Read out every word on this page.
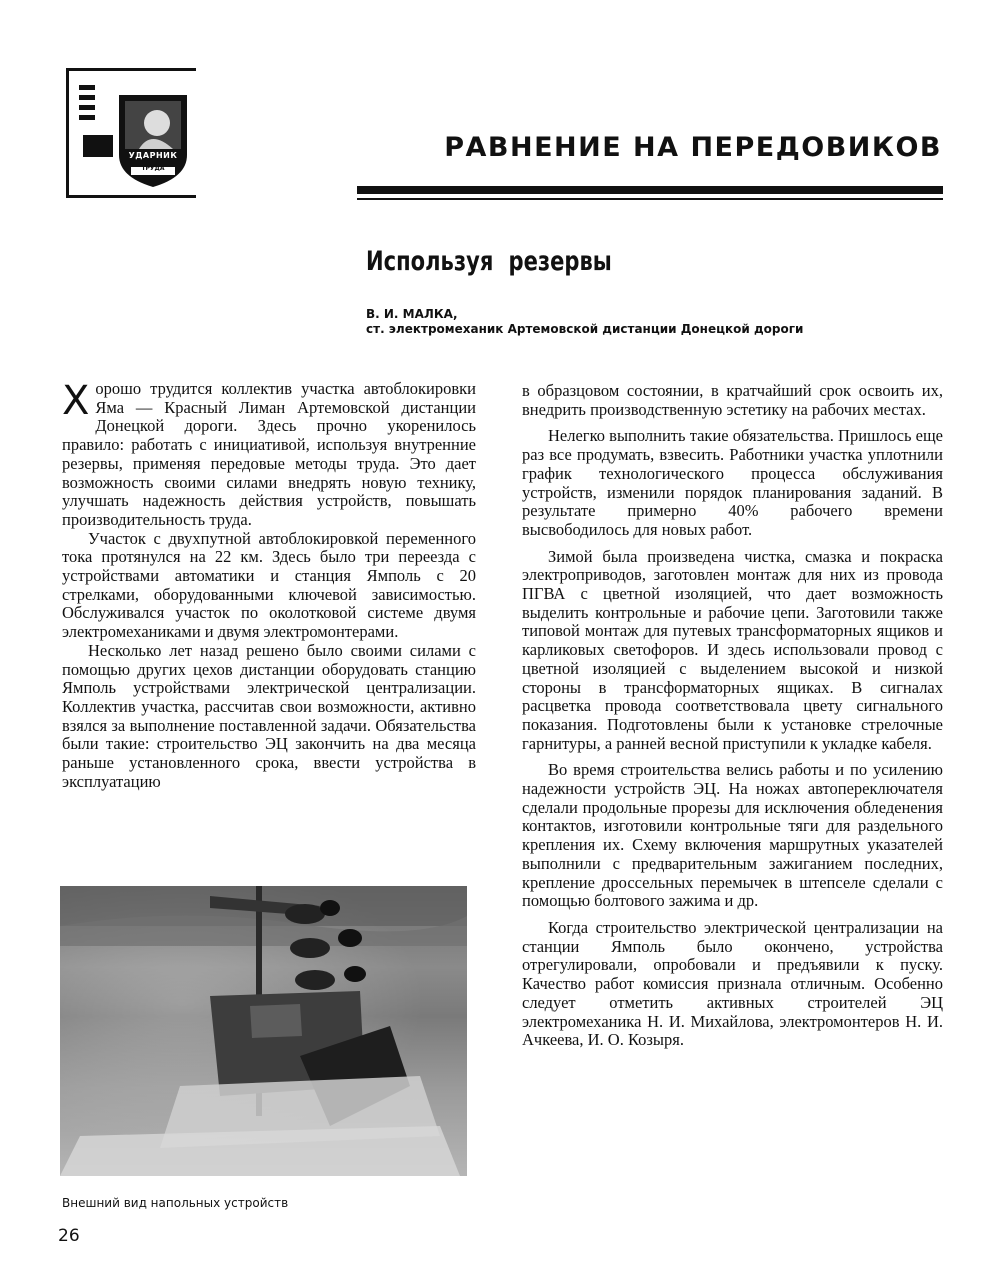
УДАРНИК
ТРУДА
РАВНЕНИЕ НА ПЕРЕДОВИКОВ
Используя резервы
В. И. МАЛКА,
ст. электромеханик Артемовской дистанции Донецкой дороги

Хорошо трудится коллектив участка автоблокировки Яма — Красный Лиман Артемовской дистанции Донецкой дороги. Здесь прочно укоренилось правило: работать с инициативой, используя внутренние резервы, применяя передовые методы труда. Это дает возможность своими силами внедрять новую технику, улучшать надежность действия устройств, повышать производительность труда.

Участок с двухпутной автоблокировкой переменного тока протянулся на 22 км. Здесь было три переезда с устройствами автоматики и станция Ямполь с 20 стрелками, оборудованными ключевой зависимостью. Обслуживался участок по околотковой системе двумя электромеханиками и двумя электромонтерами.

Несколько лет назад решено было своими силами с помощью других цехов дистанции оборудовать станцию Ямполь устройствами электрической централизации. Коллектив участка, рассчитав свои возможности, активно взялся за выполнение поставленной задачи. Обязательства были такие: строительство ЭЦ закончить на два месяца раньше установленного срока, ввести устройства в эксплуатацию

Внешний вид напольных устройств

в образцовом состоянии, в кратчайший срок освоить их, внедрить производственную эстетику на рабочих местах.

Нелегко выполнить такие обязательства. Пришлось еще раз все продумать, взвесить. Работники участка уплотнили график технологического процесса обслуживания устройств, изменили порядок планирования заданий. В результате примерно 40% рабочего времени высвободилось для новых работ.

Зимой была произведена чистка, смазка и покраска электроприводов, заготовлен монтаж для них из провода ПГВА с цветной изоляцией, что дает возможность выделить контрольные и рабочие цепи. Заготовили также типовой монтаж для путевых трансформаторных ящиков и карликовых светофоров. И здесь использовали провод с цветной изоляцией с выделением высокой и низкой стороны в трансформаторных ящиках. В сигналах расцветка провода соответствовала цвету сигнального показания. Подготовлены были к установке стрелочные гарнитуры, а ранней весной приступили к укладке кабеля.

Во время строительства велись работы и по усилению надежности устройств ЭЦ. На ножах автопереключателя сделали продольные прорезы для исключения обледенения контактов, изготовили контрольные тяги для раздельного крепления их. Схему включения маршрутных указателей выполнили с предварительным зажиганием последних, крепление дроссельных перемычек в штепселе сделали с помощью болтового зажима и др.

Когда строительство электрической централизации на станции Ямполь было окончено, устройства отрегулировали, опробовали и предъявили к пуску. Качество работ комиссия признала отличным. Особенно следует отметить активных строителей ЭЦ электромеханика Н. И. Михайлова, электромонтеров Н. И. Ачкеева, И. О. Козыря.

26
